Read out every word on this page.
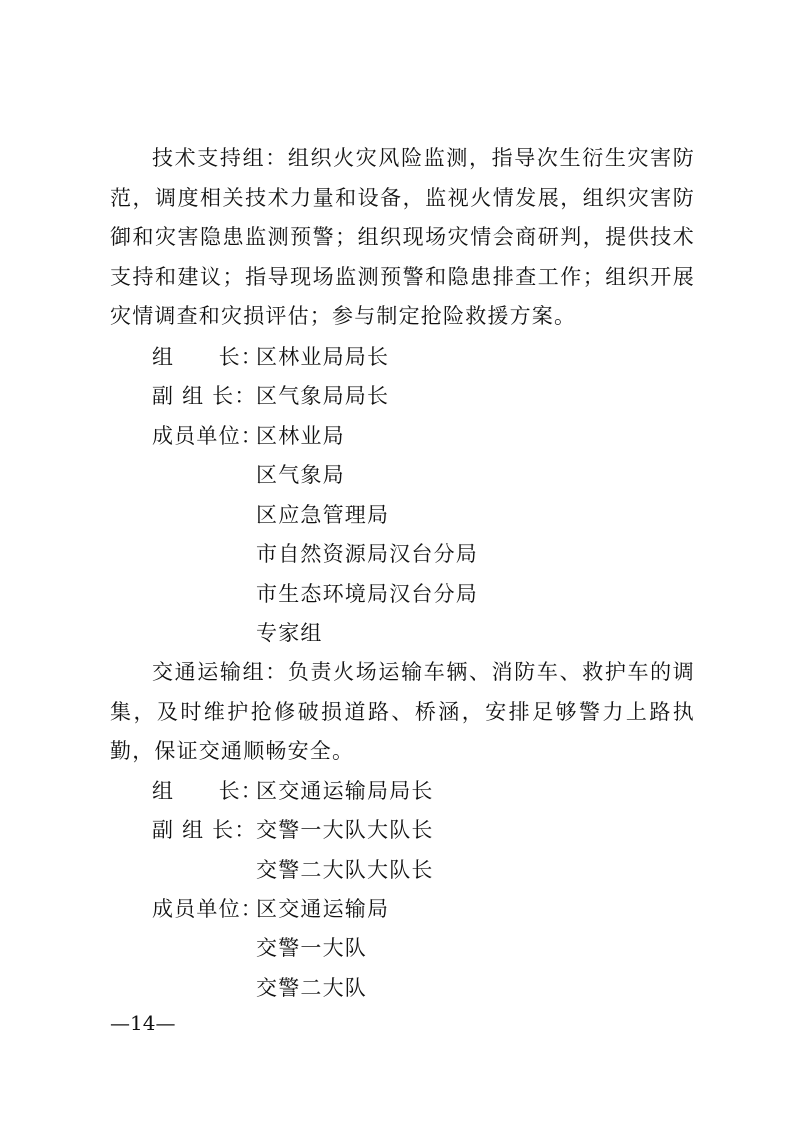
技术支持组：组织火灾风险监测，指导次生衍生灾害防范，调度相关技术力量和设备，监视火情发展，组织灾害防御和灾害隐患监测预警；组织现场灾情会商研判，提供技术支持和建议；指导现场监测预警和隐患排查工作；组织开展灾情调查和灾损评估；参与制定抢险救援方案。

组　　长：区林业局局长
副 组 长：区气象局局长
成员单位：区林业局
区气象局
区应急管理局
市自然资源局汉台分局
市生态环境局汉台分局
专家组

交通运输组：负责火场运输车辆、消防车、救护车的调集，及时维护抢修破损道路、桥涵，安排足够警力上路执勤，保证交通顺畅安全。

组　　长：区交通运输局局长
副 组 长：交警一大队大队长
交警二大队大队长
成员单位：区交通运输局
交警一大队
交警二大队
—14—
